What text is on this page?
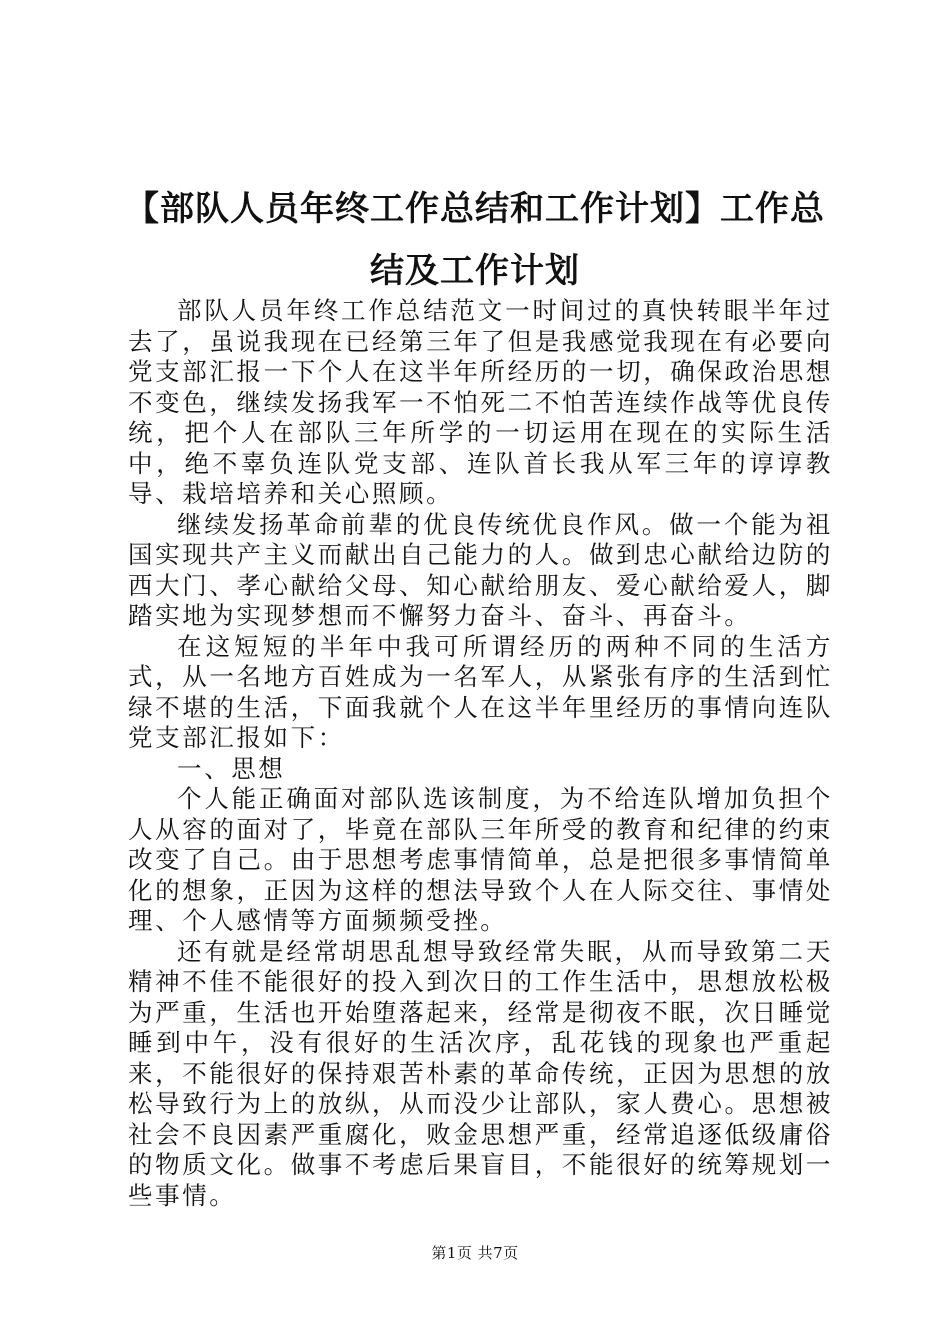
【部队人员年终工作总结和工作计划】工作总结及工作计划

部队人员年终工作总结范文一时间过的真快转眼半年过去了，虽说我现在已经第三年了但是我感觉我现在有必要向党支部汇报一下个人在这半年所经历的一切，确保政治思想不变色，继续发扬我军一不怕死二不怕苦连续作战等优良传统，把个人在部队三年所学的一切运用在现在的实际生活中，绝不辜负连队党支部、连队首长我从军三年的谆谆教导、栽培培养和关心照顾。

继续发扬革命前辈的优良传统优良作风。做一个能为祖国实现共产主义而献出自己能力的人。做到忠心献给边防的西大门、孝心献给父母、知心献给朋友、爱心献给爱人，脚踏实地为实现梦想而不懈努力奋斗、奋斗、再奋斗。

在这短短的半年中我可所谓经历的两种不同的生活方式，从一名地方百姓成为一名军人，从紧张有序的生活到忙绿不堪的生活，下面我就个人在这半年里经历的事情向连队党支部汇报如下：

一、思想

个人能正确面对部队选该制度，为不给连队增加负担个人从容的面对了，毕竟在部队三年所受的教育和纪律的约束改变了自己。由于思想考虑事情简单，总是把很多事情简单化的想象，正因为这样的想法导致个人在人际交往、事情处理、个人感情等方面频频受挫。

还有就是经常胡思乱想导致经常失眠，从而导致第二天精神不佳不能很好的投入到次日的工作生活中，思想放松极为严重，生活也开始堕落起来，经常是彻夜不眠，次日睡觉睡到中午，没有很好的生活次序，乱花钱的现象也严重起来，不能很好的保持艰苦朴素的革命传统，正因为思想的放松导致行为上的放纵，从而没少让部队，家人费心。思想被社会不良因素严重腐化，败金思想严重，经常追逐低级庸俗的物质文化。做事不考虑后果盲目，不能很好的统筹规划一些事情。

第1页 共7页
